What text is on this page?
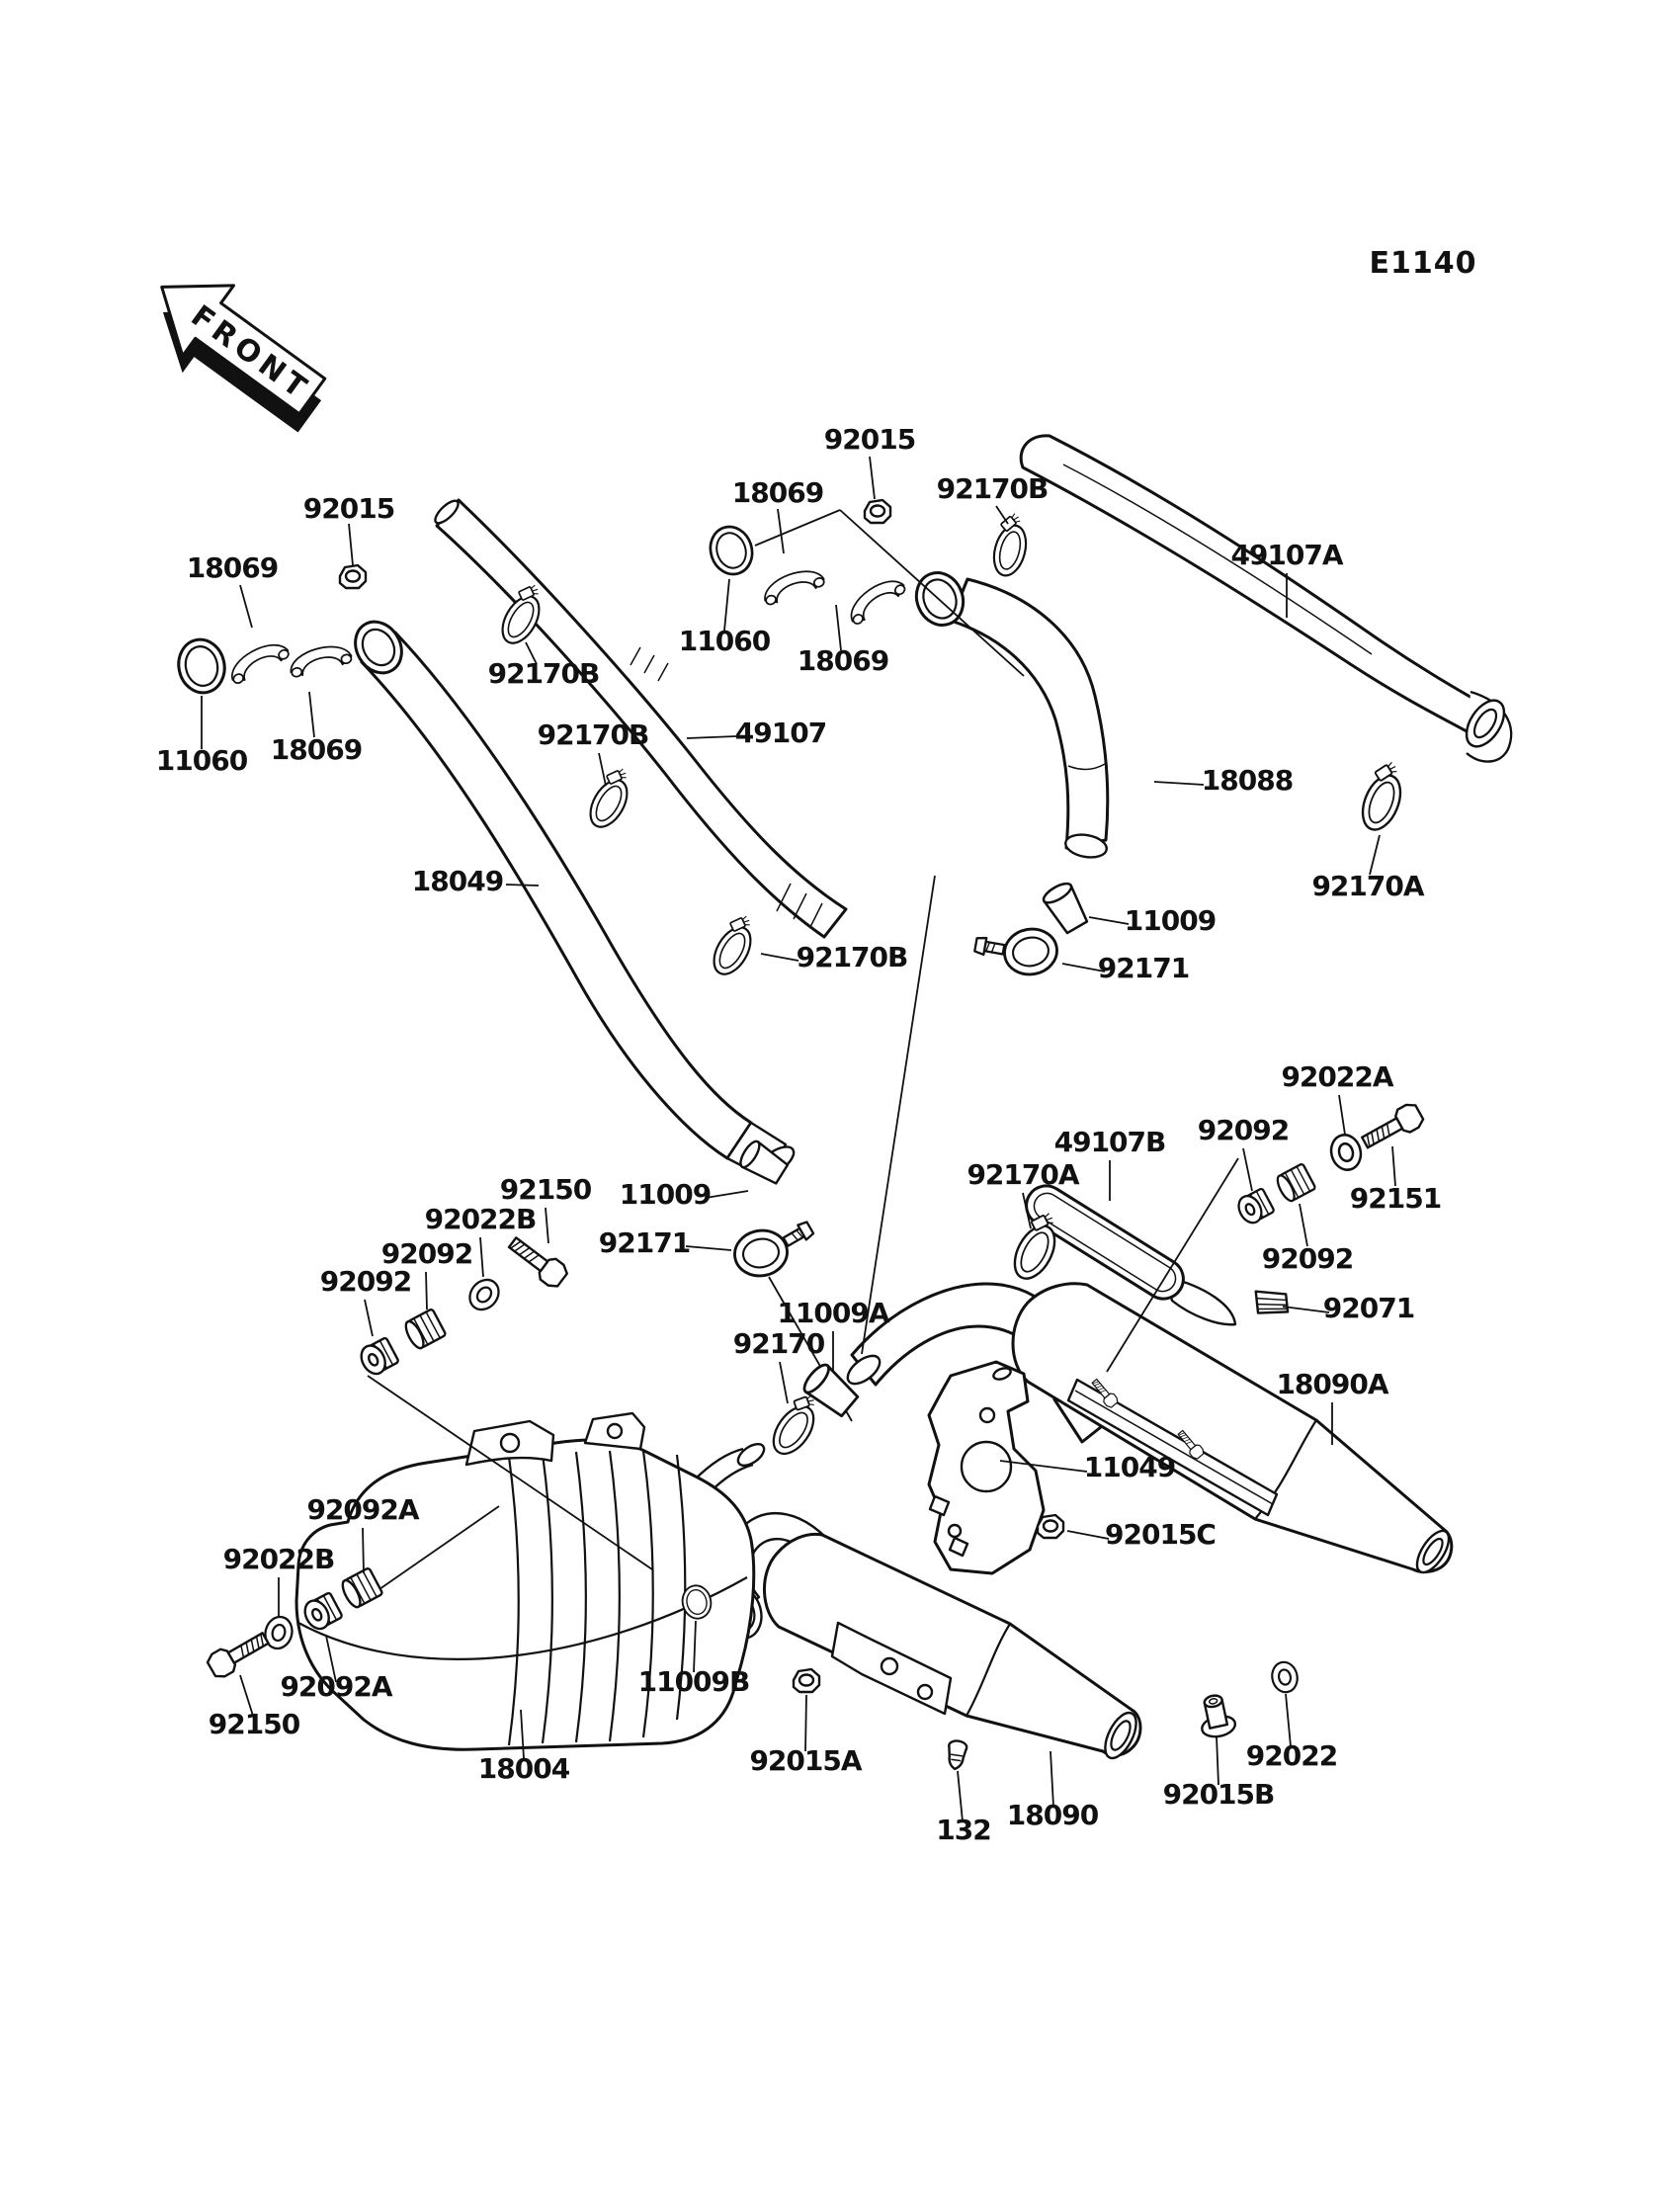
FRONT
E1140
92015
18069
11060 18069
92170B
92170B	49107
18049
92170B
92015
18069	92170B
11060
18069
49107A
18088
92170A
11009
92171
92150
92022B
92092
92092
11009
92171
92170
11009A
92022A
92092
49107B
92170A
92151
92092
92071
18090A
11049
92015C
92092A
92022B
92092A
92150
18004
11009B
92015A
132 18090
92022
92015B
